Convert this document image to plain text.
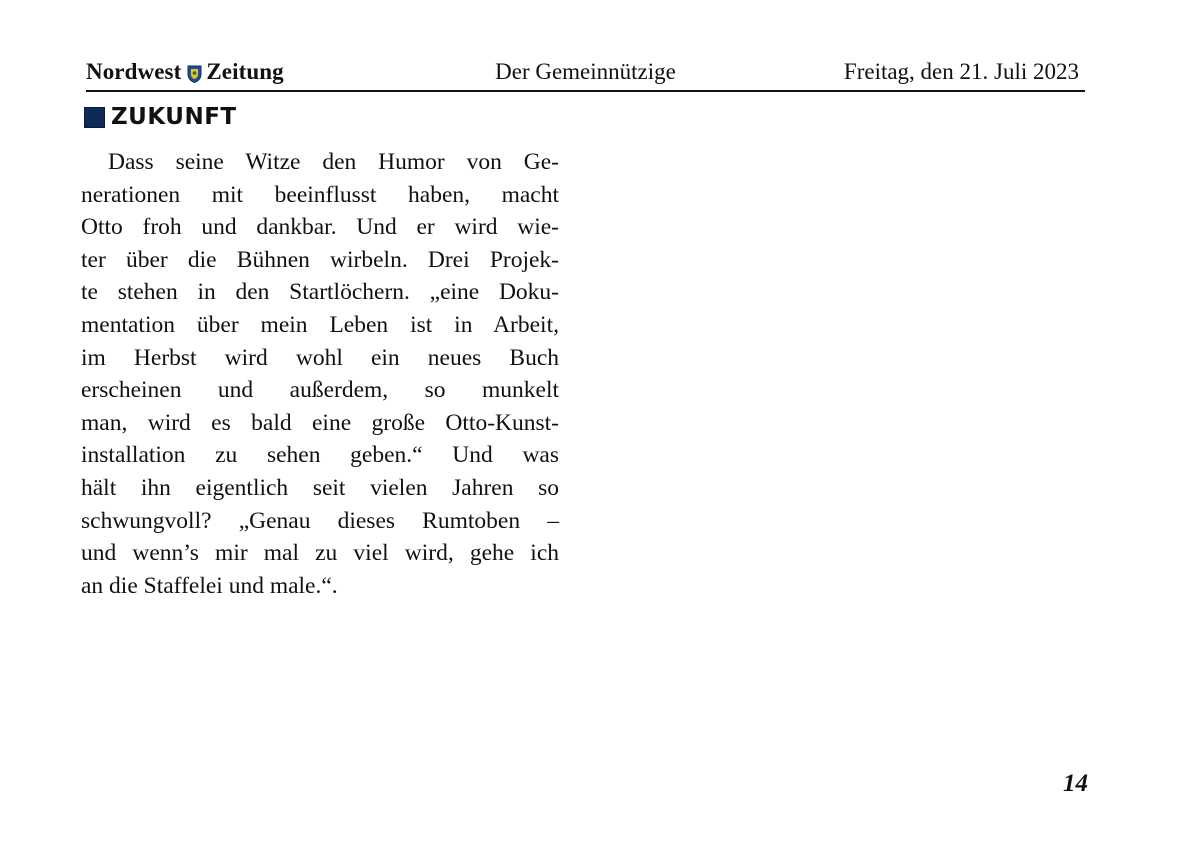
Nordwest Zeitung	Der Gemeinnützige	Freitag, den 21. Juli 2023
ZUKUNFT
Dass seine Witze den Humor von Ge-
nerationen mit beeinflusst haben, macht
Otto froh und dankbar. Und er wird wie-
ter über die Bühnen wirbeln. Drei Projek-
te stehen in den Startlöchern. „eine Doku-
mentation über mein Leben ist in Arbeit,
im Herbst wird wohl ein neues Buch
erscheinen und außerdem, so munkelt
man, wird es bald eine große Otto-Kunst-
installation zu sehen geben.“ Und was
hält ihn eigentlich seit vielen Jahren so
schwungvoll? „Genau dieses Rumtoben –
und wenn’s mir mal zu viel wird, gehe ich
an die Staffelei und male.“.
14
